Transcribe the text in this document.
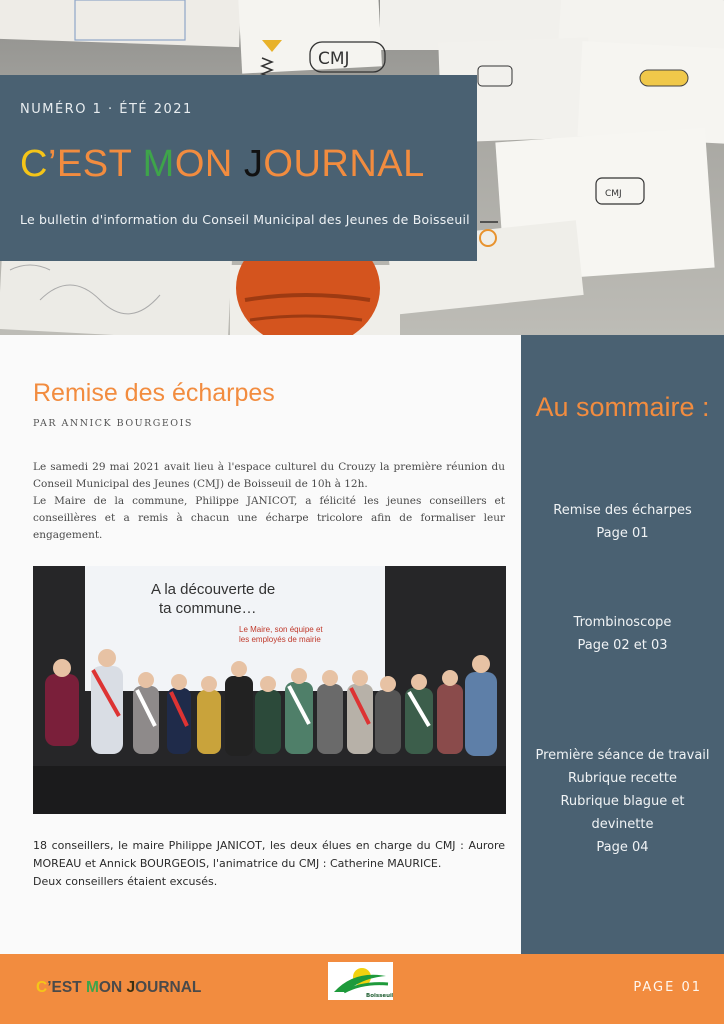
CMJ
CMJ
NUMÉRO 1 · ÉTÉ 2021
C’EST MON JOURNAL
Le bulletin d'information du Conseil Municipal des Jeunes de Boisseuil
Remise des écharpes
PAR ANNICK BOURGEOIS

Le samedi 29 mai 2021 avait lieu à l'espace culturel du Crouzy la première réunion du Conseil Municipal des Jeunes (CMJ) de Boisseuil de 10h à 12h.

Le Maire de la commune, Philippe JANICOT, a félicité les jeunes conseillers et conseillères et a remis à chacun une écharpe tricolore afin de formaliser leur engagement.

A la découverte de
ta commune…
Le Maire, son équipe et
les employés de mairie

18 conseillers, le maire Philippe JANICOT, les deux élues en charge du CMJ : Aurore MOREAU et Annick BOURGEOIS, l'animatrice du CMJ : Catherine MAURICE.

Deux conseillers étaient excusés.

Au sommaire :
Remise des écharpes
Page 01
Trombinoscope
Page 02 et 03
Première séance de travail
Rubrique recette
Rubrique blague et
devinette
Page 04
C’EST MON JOURNAL	Boisseuil
PAGE 01
